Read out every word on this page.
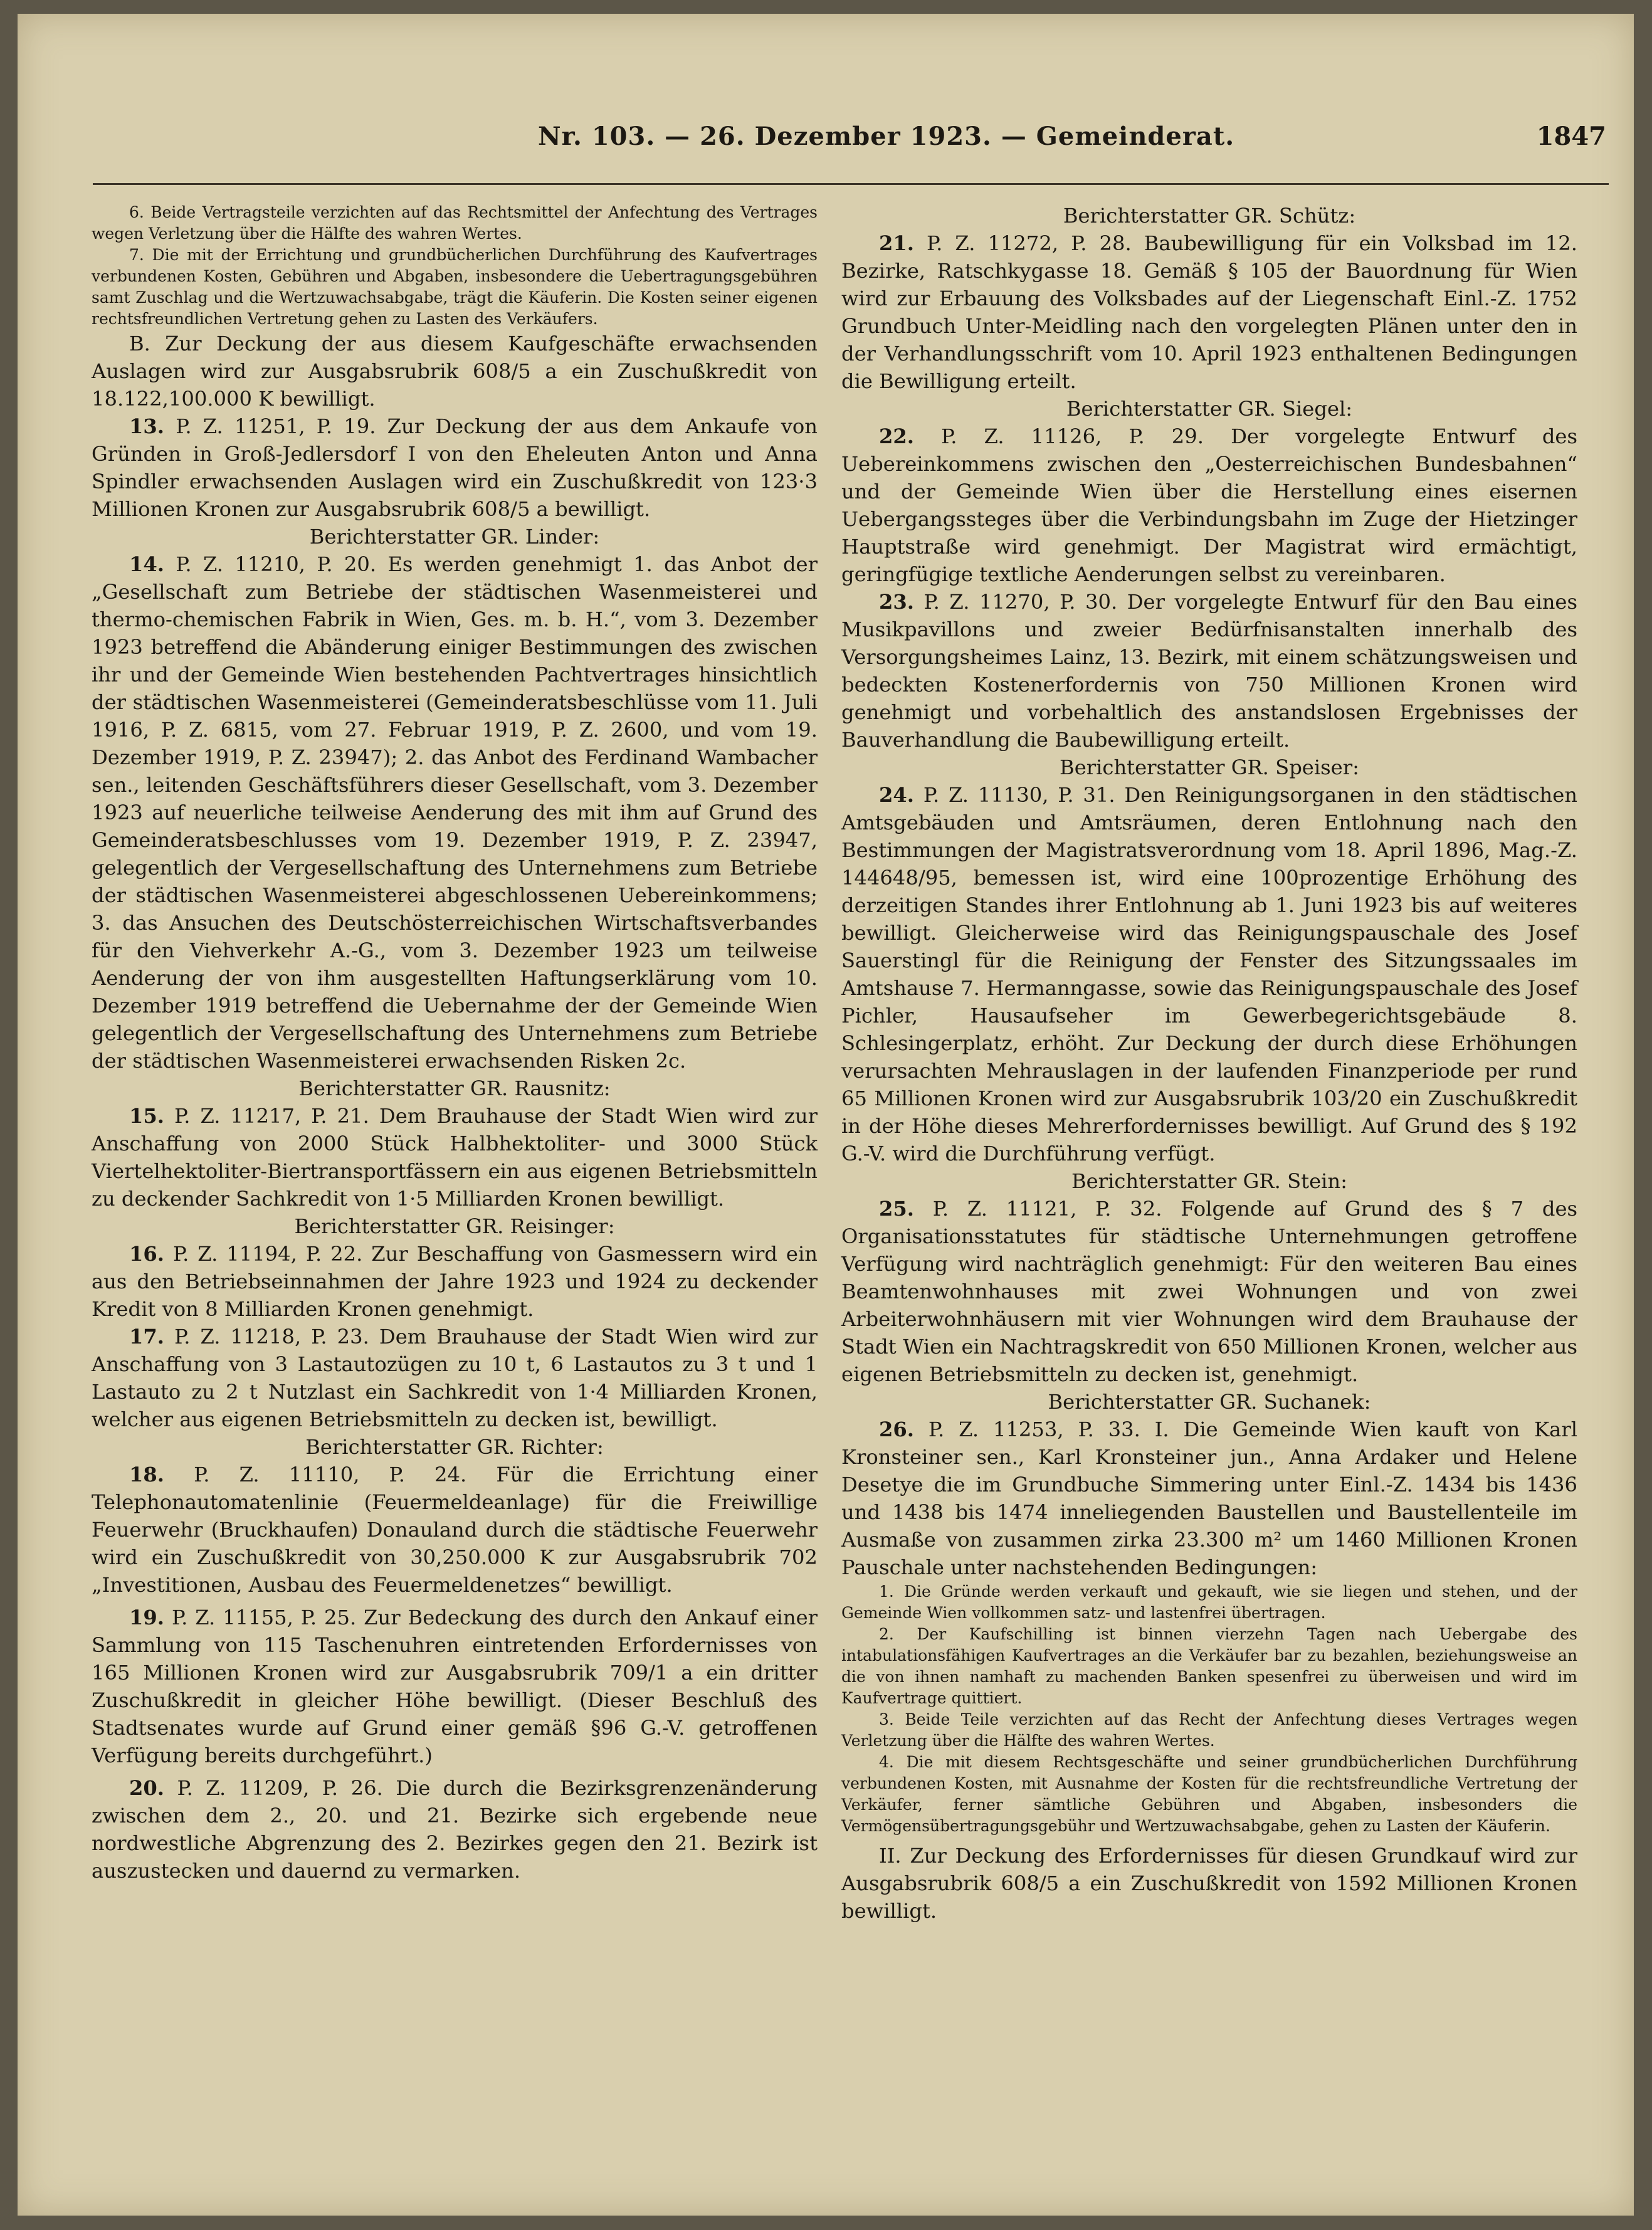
Nr. 103. — 26. Dezember 1923. — Gemeinderat.	1847

6. Beide Vertragsteile verzichten auf das Rechtsmittel der Anfechtung des Vertrages wegen Verletzung über die Hälfte des wahren Wertes.

7. Die mit der Errichtung und grundbücherlichen Durchführung des Kaufvertrages verbundenen Kosten, Gebühren und Abgaben, insbesondere die Uebertragungsgebühren samt Zuschlag und die Wertzuwachsabgabe, trägt die Käuferin. Die Kosten seiner eigenen rechtsfreundlichen Vertretung gehen zu Lasten des Verkäufers.

B. Zur Deckung der aus diesem Kaufgeschäfte erwachsenden Auslagen wird zur Ausgabsrubrik 608/5 a ein Zuschußkredit von 18.122,100.000 K bewilligt.

13. P. Z. 11251, P. 19. Zur Deckung der aus dem Ankaufe von Gründen in Groß-Jedlersdorf I von den Eheleuten Anton und Anna Spindler erwachsenden Auslagen wird ein Zuschußkredit von 123·3 Millionen Kronen zur Ausgabsrubrik 608/5 a bewilligt.

Berichterstatter GR. Linder:

14. P. Z. 11210, P. 20. Es werden genehmigt 1. das Anbot der „Gesellschaft zum Betriebe der städtischen Wasenmeisterei und thermo-chemischen Fabrik in Wien, Ges. m. b. H.“, vom 3. Dezember 1923 betreffend die Abänderung einiger Bestimmungen des zwischen ihr und der Gemeinde Wien bestehenden Pachtvertrages hinsichtlich der städtischen Wasenmeisterei (Gemeinderatsbeschlüsse vom 11. Juli 1916, P. Z. 6815, vom 27. Februar 1919, P. Z. 2600, und vom 19. Dezember 1919, P. Z. 23947); 2. das Anbot des Ferdinand Wambacher sen., leitenden Geschäftsführers dieser Gesellschaft, vom 3. Dezember 1923 auf neuerliche teilweise Aenderung des mit ihm auf Grund des Gemeinderatsbeschlusses vom 19. Dezember 1919, P. Z. 23947, gelegentlich der Vergesellschaftung des Unternehmens zum Betriebe der städtischen Wasenmeisterei abgeschlossenen Uebereinkommens; 3. das Ansuchen des Deutschösterreichischen Wirtschaftsverbandes für den Viehverkehr A.-G., vom 3. Dezember 1923 um teilweise Aenderung der von ihm ausgestellten Haftungserklärung vom 10. Dezember 1919 betreffend die Uebernahme der der Gemeinde Wien gelegentlich der Vergesellschaftung des Unternehmens zum Betriebe der städtischen Wasenmeisterei erwachsenden Risken 2c.

Berichterstatter GR. Rausnitz:

15. P. Z. 11217, P. 21. Dem Brauhause der Stadt Wien wird zur Anschaffung von 2000 Stück Halbhektoliter- und 3000 Stück Viertelhektoliter-Biertransportfässern ein aus eigenen Betriebsmitteln zu deckender Sachkredit von 1·5 Milliarden Kronen bewilligt.

Berichterstatter GR. Reisinger:

16. P. Z. 11194, P. 22. Zur Beschaffung von Gasmessern wird ein aus den Betriebseinnahmen der Jahre 1923 und 1924 zu deckender Kredit von 8 Milliarden Kronen genehmigt.

17. P. Z. 11218, P. 23. Dem Brauhause der Stadt Wien wird zur Anschaffung von 3 Lastautozügen zu 10 t, 6 Lastautos zu 3 t und 1 Lastauto zu 2 t Nutzlast ein Sachkredit von 1·4 Milliarden Kronen, welcher aus eigenen Betriebsmitteln zu decken ist, bewilligt.

Berichterstatter GR. Richter:

18. P. Z. 11110, P. 24. Für die Errichtung einer Telephonautomatenlinie (Feuermeldeanlage) für die Freiwillige Feuerwehr (Bruckhaufen) Donauland durch die städtische Feuerwehr wird ein Zuschußkredit von 30,250.000 K zur Ausgabsrubrik 702 „Investitionen, Ausbau des Feuermeldenetzes“ bewilligt.

19. P. Z. 11155, P. 25. Zur Bedeckung des durch den Ankauf einer Sammlung von 115 Taschenuhren eintretenden Erfordernisses von 165 Millionen Kronen wird zur Ausgabsrubrik 709/1 a ein dritter Zuschußkredit in gleicher Höhe bewilligt. (Dieser Beschluß des Stadtsenates wurde auf Grund einer gemäß §96 G.-V. getroffenen Verfügung bereits durchgeführt.)

20. P. Z. 11209, P. 26. Die durch die Bezirksgrenzenänderung zwischen dem 2., 20. und 21. Bezirke sich ergebende neue nordwestliche Abgrenzung des 2. Bezirkes gegen den 21. Bezirk ist auszustecken und dauernd zu vermarken.

Berichterstatter GR. Schütz:

21. P. Z. 11272, P. 28. Baubewilligung für ein Volksbad im 12. Bezirke, Ratschkygasse 18. Gemäß § 105 der Bauordnung für Wien wird zur Erbauung des Volksbades auf der Liegenschaft Einl.-Z. 1752 Grundbuch Unter-Meidling nach den vorgelegten Plänen unter den in der Verhandlungsschrift vom 10. April 1923 enthaltenen Bedingungen die Bewilligung erteilt.

Berichterstatter GR. Siegel:

22. P. Z. 11126, P. 29. Der vorgelegte Entwurf des Uebereinkommens zwischen den „Oesterreichischen Bundesbahnen“ und der Gemeinde Wien über die Herstellung eines eisernen Uebergangssteges über die Verbindungsbahn im Zuge der Hietzinger Hauptstraße wird genehmigt. Der Magistrat wird ermächtigt, geringfügige textliche Aenderungen selbst zu vereinbaren.

23. P. Z. 11270, P. 30. Der vorgelegte Entwurf für den Bau eines Musikpavillons und zweier Bedürfnisanstalten innerhalb des Versorgungsheimes Lainz, 13. Bezirk, mit einem schätzungsweisen und bedeckten Kostenerfordernis von 750 Millionen Kronen wird genehmigt und vorbehaltlich des anstandslosen Ergebnisses der Bauverhandlung die Baubewilligung erteilt.

Berichterstatter GR. Speiser:

24. P. Z. 11130, P. 31. Den Reinigungsorganen in den städtischen Amtsgebäuden und Amtsräumen, deren Entlohnung nach den Bestimmungen der Magistratsverordnung vom 18. April 1896, Mag.-Z. 144648/95, bemessen ist, wird eine 100prozentige Erhöhung des derzeitigen Standes ihrer Entlohnung ab 1. Juni 1923 bis auf weiteres bewilligt. Gleicherweise wird das Reinigungspauschale des Josef Sauerstingl für die Reinigung der Fenster des Sitzungssaales im Amtshause 7. Hermanngasse, sowie das Reinigungspauschale des Josef Pichler, Hausaufseher im Gewerbegerichtsgebäude 8. Schlesingerplatz, erhöht. Zur Deckung der durch diese Erhöhungen verursachten Mehrauslagen in der laufenden Finanzperiode per rund 65 Millionen Kronen wird zur Ausgabsrubrik 103/20 ein Zuschußkredit in der Höhe dieses Mehrerfordernisses bewilligt. Auf Grund des § 192 G.-V. wird die Durchführung verfügt.

Berichterstatter GR. Stein:

25. P. Z. 11121, P. 32. Folgende auf Grund des § 7 des Organisationsstatutes für städtische Unternehmungen getroffene Verfügung wird nachträglich genehmigt: Für den weiteren Bau eines Beamtenwohnhauses mit zwei Wohnungen und von zwei Arbeiterwohnhäusern mit vier Wohnungen wird dem Brauhause der Stadt Wien ein Nachtragskredit von 650 Millionen Kronen, welcher aus eigenen Betriebsmitteln zu decken ist, genehmigt.

Berichterstatter GR. Suchanek:

26. P. Z. 11253, P. 33. I. Die Gemeinde Wien kauft von Karl Kronsteiner sen., Karl Kronsteiner jun., Anna Ardaker und Helene Desetye die im Grundbuche Simmering unter Einl.-Z. 1434 bis 1436 und 1438 bis 1474 inneliegenden Baustellen und Baustellenteile im Ausmaße von zusammen zirka 23.300 m² um 1460 Millionen Kronen Pauschale unter nachstehenden Bedingungen:

1. Die Gründe werden verkauft und gekauft, wie sie liegen und stehen, und der Gemeinde Wien vollkommen satz- und lastenfrei übertragen.

2. Der Kaufschilling ist binnen vierzehn Tagen nach Uebergabe des intabulationsfähigen Kaufvertrages an die Verkäufer bar zu bezahlen, beziehungsweise an die von ihnen namhaft zu machenden Banken spesenfrei zu überweisen und wird im Kaufvertrage quittiert.

3. Beide Teile verzichten auf das Recht der Anfechtung dieses Vertrages wegen Verletzung über die Hälfte des wahren Wertes.

4. Die mit diesem Rechtsgeschäfte und seiner grundbücherlichen Durchführung verbundenen Kosten, mit Ausnahme der Kosten für die rechtsfreundliche Vertretung der Verkäufer, ferner sämtliche Gebühren und Abgaben, insbesonders die Vermögensübertragungsgebühr und Wertzuwachsabgabe, gehen zu Lasten der Käuferin.

II. Zur Deckung des Erfordernisses für diesen Grundkauf wird zur Ausgabsrubrik 608/5 a ein Zuschußkredit von 1592 Millionen Kronen bewilligt.
